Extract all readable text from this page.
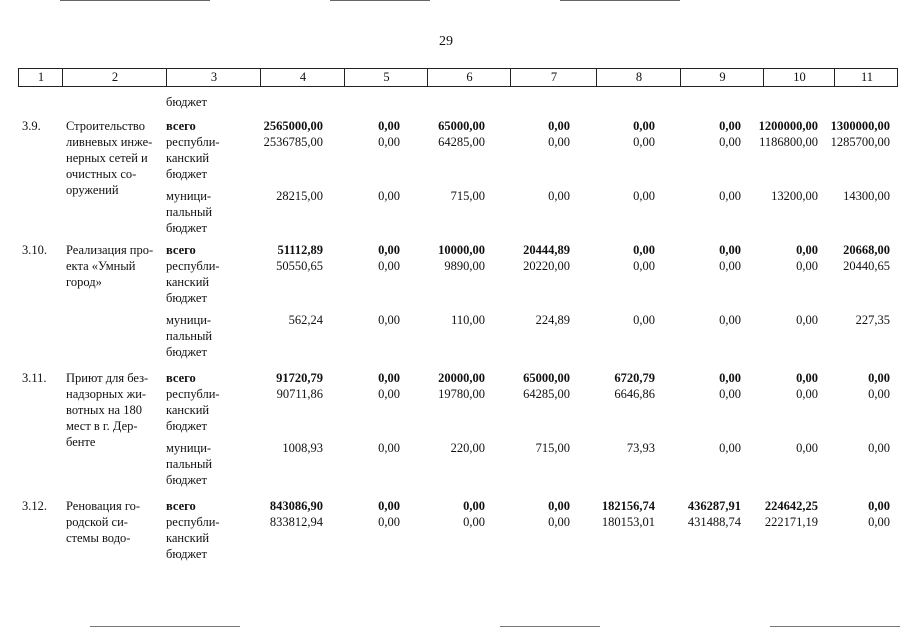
29
1	2	3	4	5	6	7	8	9	10	11
бюджет
3.9. Строительство
ливневых инже-
нерных сетей и
очистных со-
оружений
всего	2565000,00	0,00	65000,00	0,00	0,00	0,00	1200000,00	1300000,00
республи-
канский
бюджет
2536785,00	0,00	64285,00	0,00	0,00	0,00	1186800,00	1285700,00
муници-
пальный
бюджет
28215,00	0,00	715,00	0,00	0,00	0,00	13200,00	14300,00
3.10. Реализация про-
екта «Умный
город»
всего	51112,89	0,00	10000,00	20444,89	0,00	0,00	0,00	20668,00
республи-
канский
бюджет
50550,65	0,00	9890,00	20220,00	0,00	0,00	0,00	20440,65
муници-
пальный
бюджет
562,24	0,00	110,00	224,89	0,00	0,00	0,00	227,35
3.11. Приют для без-
надзорных жи-
вотных на 180
мест в г. Дер-
бенте
всего	91720,79	0,00	20000,00	65000,00	6720,79	0,00	0,00	0,00
республи-
канский
бюджет
90711,86	0,00	19780,00	64285,00	6646,86	0,00	0,00	0,00
муници-
пальный
бюджет
1008,93	0,00	220,00	715,00	73,93	0,00	0,00	0,00
3.12. Реновация го-
родской си-
стемы водо-
всего	843086,90	0,00	0,00	0,00	182156,74	436287,91	224642,25	0,00
республи-
канский
бюджет
833812,94	0,00	0,00	0,00	180153,01	431488,74	222171,19	0,00
